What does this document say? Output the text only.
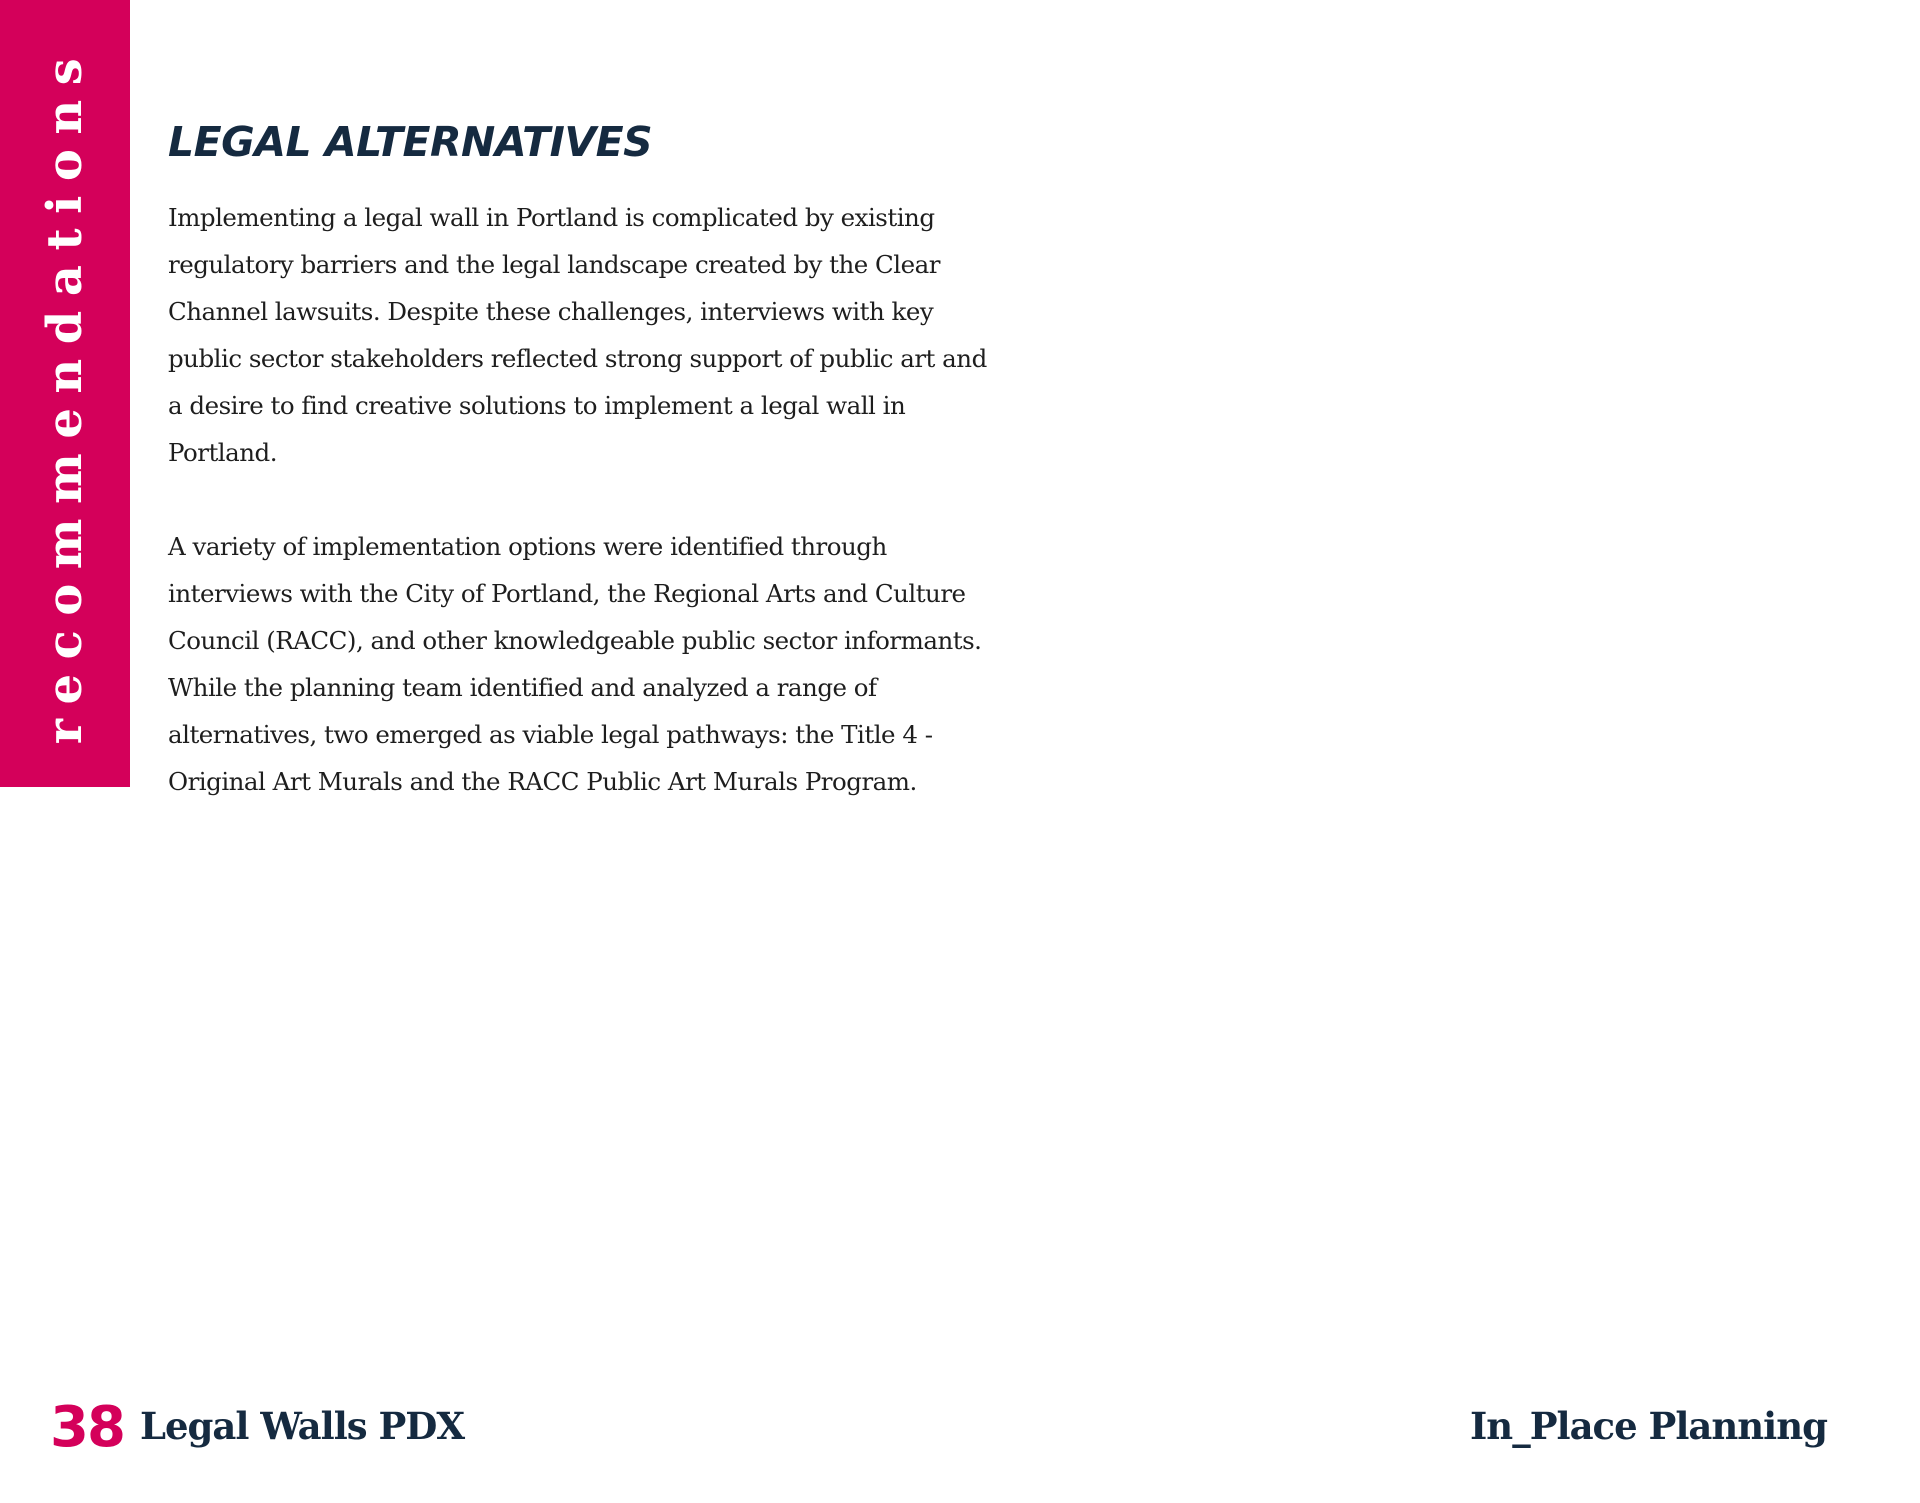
recommendations LEGAL ALTERNATIVES

Implementing a legal wall in Portland is complicated by existing regulatory barriers and the legal landscape created by the Clear Channel lawsuits. Despite these challenges, interviews with key public sector stakeholders reflected strong support of public art and a desire to find creative solutions to implement a legal wall in Portland.

A variety of implementation options were identified through interviews with the City of Portland, the Regional Arts and Culture Council (RACC), and other knowledgeable public sector informants. While the planning team identified and analyzed a range of alternatives, two emerged as viable legal pathways: the Title 4 - Original Art Murals and the RACC Public Art Murals Program.

38 Legal Walls PDX	In_Place Planning
